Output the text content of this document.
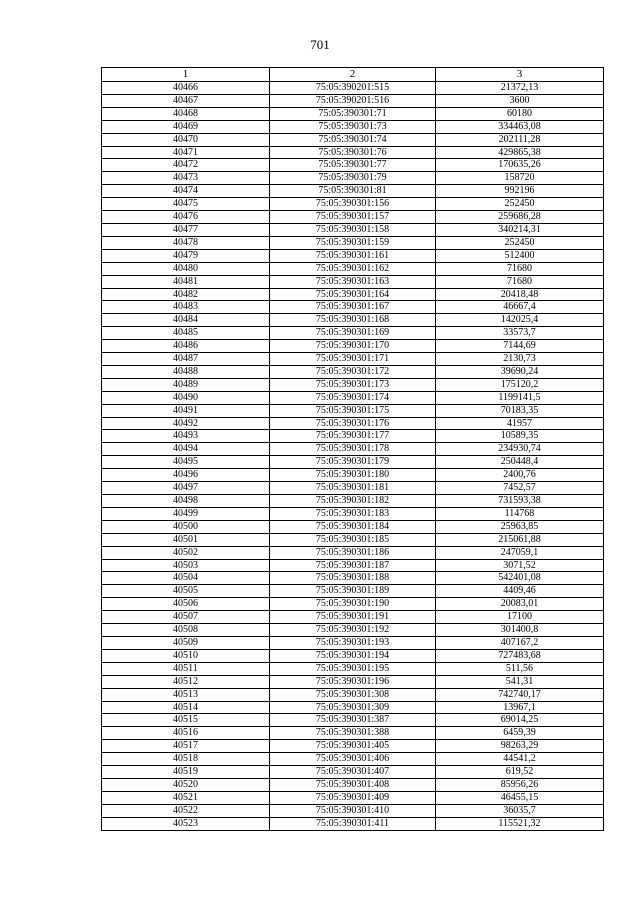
701
1	2	3
40466	75:05:390201:515	21372,13
40467	75:05:390201:516	3600
40468	75:05:390301:71	60180
40469	75:05:390301:73	334463,08
40470	75:05:390301:74	202111,28
40471	75:05:390301:76	429865,38
40472	75:05:390301:77	170635,26
40473	75:05:390301:79	158720
40474	75:05:390301:81	992196
40475	75:05:390301:156	252450
40476	75:05:390301:157	259686,28
40477	75:05:390301:158	340214,31
40478	75:05:390301:159	252450
40479	75:05:390301:161	512400
40480	75:05:390301:162	71680
40481	75:05:390301:163	71680
40482	75:05:390301:164	20418,48
40483	75:05:390301:167	46667,4
40484	75:05:390301:168	142025,4
40485	75:05:390301:169	33573,7
40486	75:05:390301:170	7144,69
40487	75:05:390301:171	2130,73
40488	75:05:390301:172	39690,24
40489	75:05:390301:173	175120,2
40490	75:05:390301:174	1199141,5
40491	75:05:390301:175	70183,35
40492	75:05:390301:176	41957
40493	75:05:390301:177	10589,35
40494	75:05:390301:178	234930,74
40495	75:05:390301:179	250448,4
40496	75:05:390301:180	2400,76
40497	75:05:390301:181	7452,57
40498	75:05:390301:182	731593,38
40499	75:05:390301:183	114768
40500	75:05:390301:184	25963,85
40501	75:05:390301:185	215061,88
40502	75:05:390301:186	247059,1
40503	75:05:390301:187	3071,52
40504	75:05:390301:188	542401,08
40505	75:05:390301:189	4409,46
40506	75:05:390301:190	20083,01
40507	75:05:390301:191	17100
40508	75:05:390301:192	301400,8
40509	75:05:390301:193	407167,2
40510	75:05:390301:194	727483,68
40511	75:05:390301:195	511,56
40512	75:05:390301:196	541,31
40513	75:05:390301:308	742740,17
40514	75:05:390301:309	13967,1
40515	75:05:390301:387	69014,25
40516	75:05:390301:388	6459,39
40517	75:05:390301:405	98263,29
40518	75:05:390301:406	44541,2
40519	75:05:390301:407	619,52
40520	75:05:390301:408	85956,26
40521	75:05:390301:409	46455,15
40522	75:05:390301:410	36035,7
40523	75:05:390301:411	115521,32
